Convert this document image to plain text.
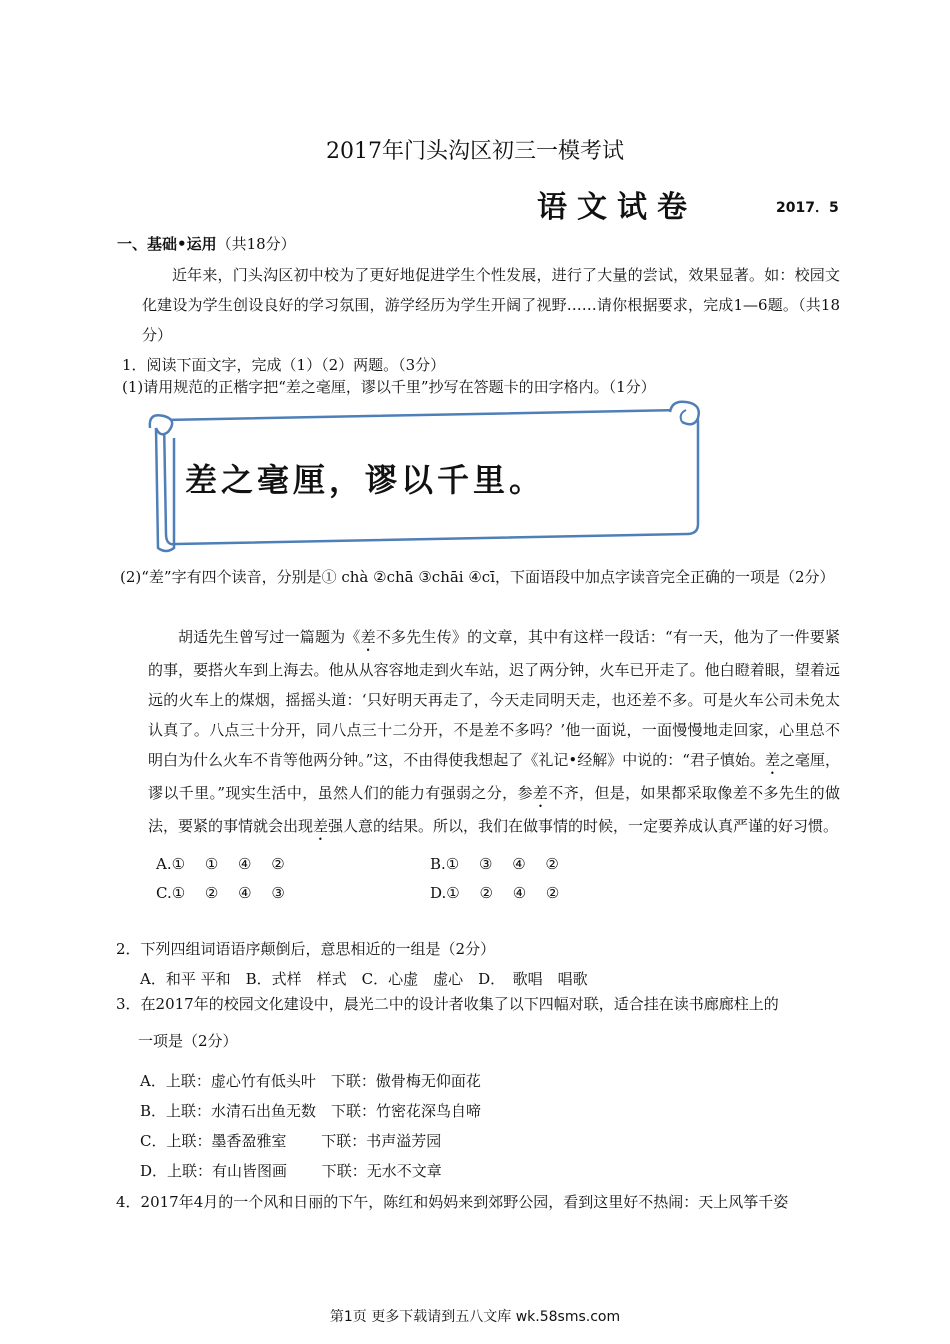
2017年门头沟区初三一模考试
语文试卷	2017．5
一、基础•运用（共18分）
近年来，门头沟区初中校为了更好地促进学生个性发展，进行了大量的尝试，效果显著。如：校园文化建设为学生创设良好的学习氛围，游学经历为学生开阔了视野……请你根据要求，完成1—6题。（共18分）
1．阅读下面文字，完成（1）（2）两题。（3分）
(1)请用规范的正楷字把“差之毫厘，谬以千里”抄写在答题卡的田字格内。（1分）
差之毫厘，谬以千里。
(2)“差”字有四个读音，分别是① chà ②chā ③chāi ④cī，下面语段中加点字读音完全正确的一项是（2分）
胡适先生曾写过一篇题为《差不多先生传》的文章，其中有这样一段话：“有一天，他为了一件要紧的事，要搭火车到上海去。他从从容容地走到火车站，迟了两分钟，火车已开走了。他白瞪着眼，望着远远的火车上的煤烟，摇摇头道：‘只好明天再走了，今天走同明天走，也还差不多。可是火车公司未免太认真了。八点三十分开，同八点三十二分开，不是差不多吗？’他一面说，一面慢慢地走回家，心里总不明白为什么火车不肯等他两分钟。”这，不由得使我想起了《礼记•经解》中说的：“君子慎始。差之毫厘，谬以千里。”现实生活中，虽然人们的能力有强弱之分，参差不齐，但是，如果都采取像差不多先生的做法，要紧的事情就会出现差强人意的结果。所以，我们在做事情的时候，一定要养成认真严谨的好习惯。
A.①　 ①　 ④　 ②	B.①　 ③　 ④　 ②
C.①　 ②　 ④　 ③	D.①　 ②　 ④　 ②
2．下列四组词语语序颠倒后，意思相近的一组是（2分）
A．和平 平和　B．式样　样式　C．心虚　虚心　D．　歌唱　唱歌
3．在2017年的校园文化建设中，晨光二中的设计者收集了以下四幅对联，适合挂在读书廊廊柱上的
一项是（2分）
A．上联：虚心竹有低头叶　下联：傲骨梅无仰面花
B．上联：水清石出鱼无数　下联：竹密花深鸟自啼
C．上联：墨香盈雅室　　 下联：书声溢芳园
D．上联：有山皆图画　　 下联：无水不文章
4．2017年4月的一个风和日丽的下午，陈红和妈妈来到郊野公园，看到这里好不热闹：天上风筝千姿
第1页 更多下载请到五八文库 wk.58sms.com
